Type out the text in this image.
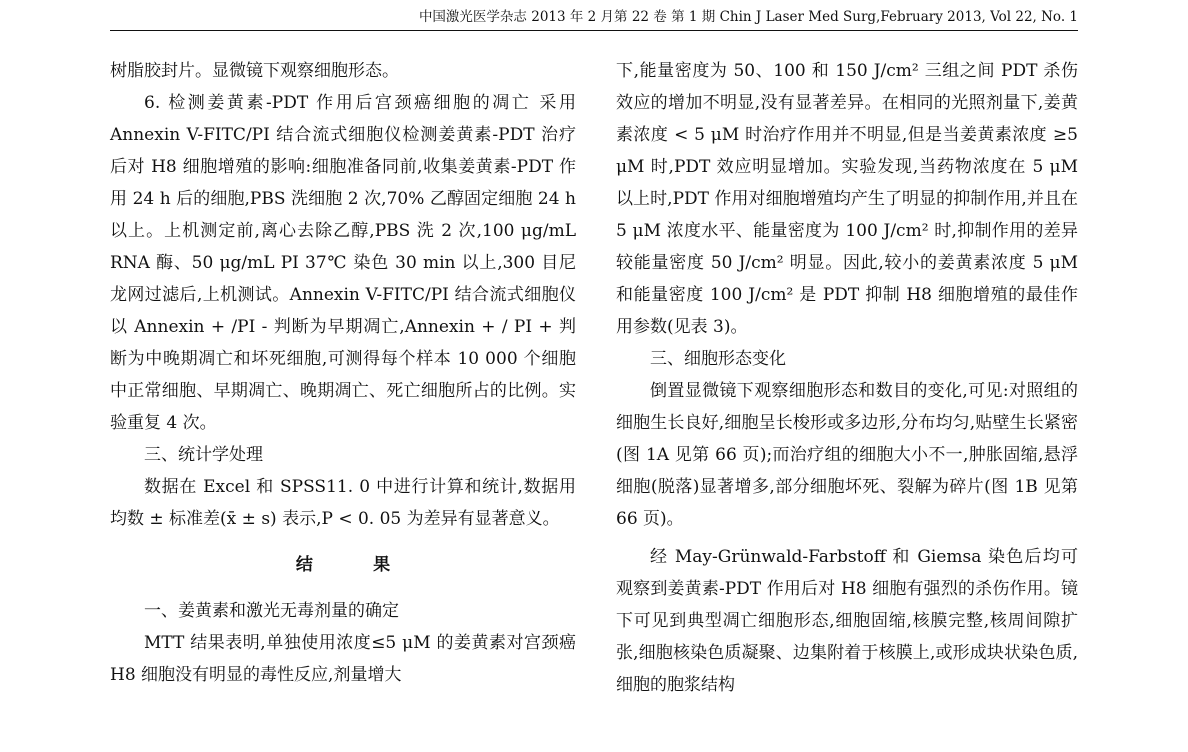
中国激光医学杂志 2013 年 2 月第 22 卷 第 1 期 Chin J Laser Med Surg,February 2013, Vol 22, No. 1

树脂胶封片。显微镜下观察细胞形态。

6. 检测姜黄素-PDT 作用后宫颈癌细胞的凋亡 采用 Annexin V-FITC/PI 结合流式细胞仪检测姜黄素-PDT 治疗后对 H8 细胞增殖的影响:细胞准备同前,收集姜黄素-PDT 作用 24 h 后的细胞,PBS 洗细胞 2 次,70% 乙醇固定细胞 24 h 以上。上机测定前,离心去除乙醇,PBS 洗 2 次,100 μg/mL RNA 酶、50 μg/mL PI 37℃ 染色 30 min 以上,300 目尼龙网过滤后,上机测试。Annexin V-FITC/PI 结合流式细胞仪以 Annexin + /PI - 判断为早期凋亡,Annexin + / PI + 判断为中晚期凋亡和坏死细胞,可测得每个样本 10 000 个细胞中正常细胞、早期凋亡、晚期凋亡、死亡细胞所占的比例。实验重复 4 次。

三、统计学处理

数据在 Excel 和 SPSS11. 0 中进行计算和统计,数据用均数 ± 标准差(x̄ ± s) 表示,P < 0. 05 为差异有显著意义。

结 果

一、姜黄素和激光无毒剂量的确定

MTT 结果表明,单独使用浓度≤5 μM 的姜黄素对宫颈癌 H8 细胞没有明显的毒性反应,剂量增大

下,能量密度为 50、100 和 150 J/cm² 三组之间 PDT 杀伤效应的增加不明显,没有显著差异。在相同的光照剂量下,姜黄素浓度 < 5 μM 时治疗作用并不明显,但是当姜黄素浓度 ≥5 μM 时,PDT 效应明显增加。实验发现,当药物浓度在 5 μM 以上时,PDT 作用对细胞增殖均产生了明显的抑制作用,并且在 5 μM 浓度水平、能量密度为 100 J/cm² 时,抑制作用的差异较能量密度 50 J/cm² 明显。因此,较小的姜黄素浓度 5 μM 和能量密度 100 J/cm² 是 PDT 抑制 H8 细胞增殖的最佳作用参数(见表 3)。

三、细胞形态变化

倒置显微镜下观察细胞形态和数目的变化,可见:对照组的细胞生长良好,细胞呈长梭形或多边形,分布均匀,贴壁生长紧密(图 1A 见第 66 页);而治疗组的细胞大小不一,肿胀固缩,悬浮细胞(脱落)显著增多,部分细胞坏死、裂解为碎片(图 1B 见第 66 页)。

经 May-Grünwald-Farbstoff 和 Giemsa 染色后均可观察到姜黄素-PDT 作用后对 H8 细胞有强烈的杀伤作用。镜下可见到典型凋亡细胞形态,细胞固缩,核膜完整,核周间隙扩张,细胞核染色质凝聚、边集附着于核膜上,或形成块状染色质,细胞的胞浆结构
